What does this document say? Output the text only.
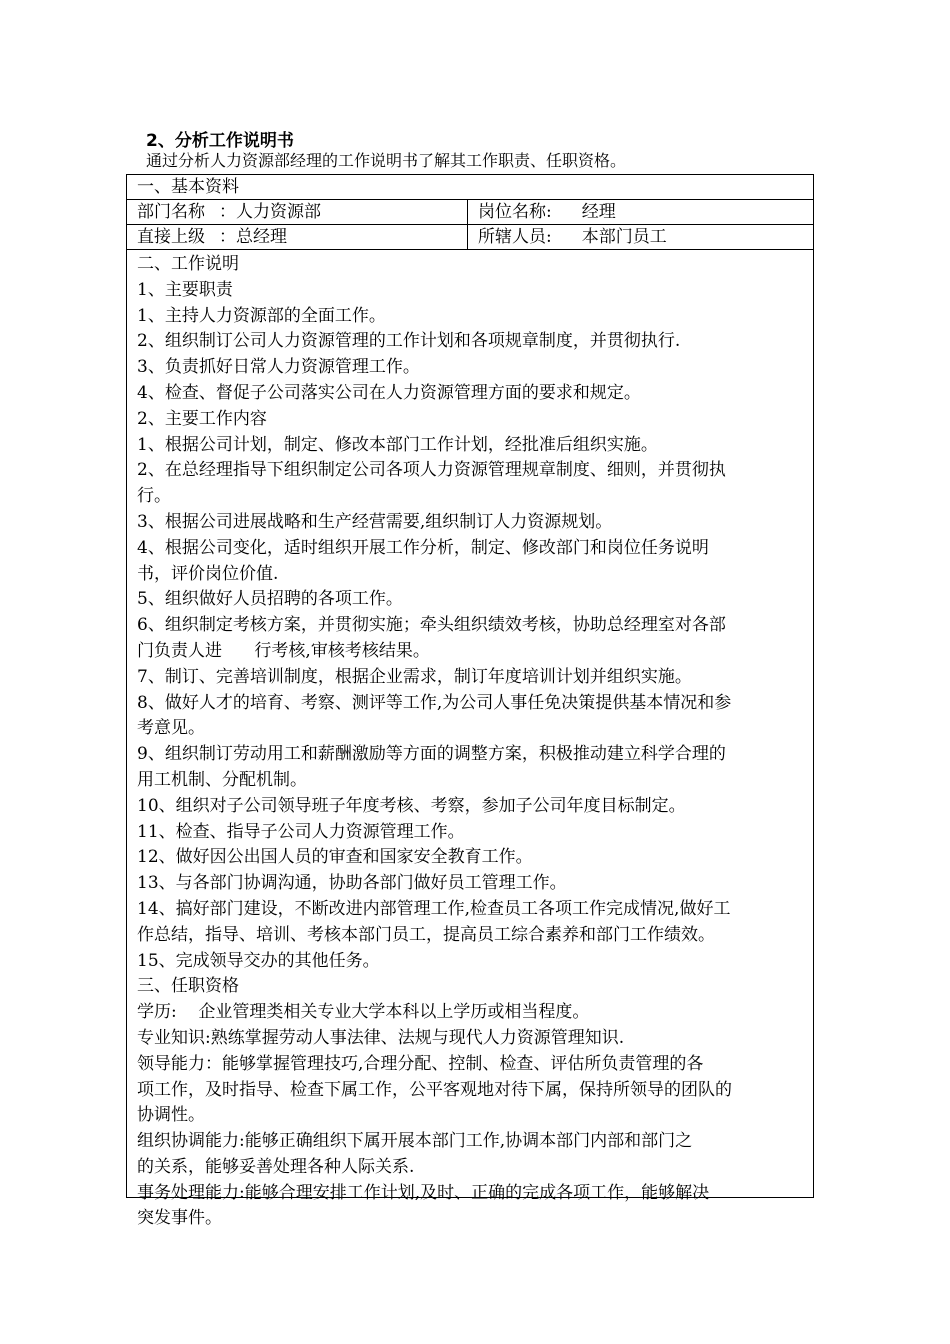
2、分析工作说明书
通过分析人力资源部经理的工作说明书了解其工作职责、任职资格。
一、基本资料
部门名称 ：人力资源部	岗位名称: 经理
直接上级 ：总经理	所辖人员: 本部门员工

二、工作说明

1、主要职责

1、主持人力资源部的全面工作。

2、组织制订公司人力资源管理的工作计划和各项规章制度，并贯彻执行.

3、负责抓好日常人力资源管理工作。

4、检查、督促子公司落实公司在人力资源管理方面的要求和规定。

2、主要工作内容

1、根据公司计划，制定、修改本部门工作计划，经批准后组织实施。

2、在总经理指导下组织制定公司各项人力资源管理规章制度、细则，并贯彻执

行。

3、根据公司进展战略和生产经营需要,组织制订人力资源规划。

4、根据公司变化，适时组织开展工作分析，制定、修改部门和岗位任务说明

书，评价岗位价值.

5、组织做好人员招聘的各项工作。

6、组织制定考核方案，并贯彻实施；牵头组织绩效考核，协助总经理室对各部

门负责人进      行考核,审核考核结果。

7、制订、完善培训制度，根据企业需求，制订年度培训计划并组织实施。

8、做好人才的培育、考察、测评等工作,为公司人事任免决策提供基本情况和参

考意见。

9、组织制订劳动用工和薪酬激励等方面的调整方案，积极推动建立科学合理的

用工机制、分配机制。

10、组织对子公司领导班子年度考核、考察，参加子公司年度目标制定。

11、检查、指导子公司人力资源管理工作。

12、做好因公出国人员的审查和国家安全教育工作。

13、与各部门协调沟通，协助各部门做好员工管理工作。

14、搞好部门建设，不断改进内部管理工作,检查员工各项工作完成情况,做好工

作总结，指导、培训、考核本部门员工，提高员工综合素养和部门工作绩效。

15、完成领导交办的其他任务。

三、任职资格

学历:    企业管理类相关专业大学本科以上学历或相当程度。

专业知识:熟练掌握劳动人事法律、法规与现代人力资源管理知识.

领导能力：能够掌握管理技巧,合理分配、控制、检查、评估所负责管理的各

项工作，及时指导、检查下属工作，公平客观地对待下属，保持所领导的团队的

协调性。

组织协调能力:能够正确组织下属开展本部门工作,协调本部门内部和部门之

的关系，能够妥善处理各种人际关系.

事务处理能力:能够合理安排工作计划,及时、正确的完成各项工作，能够解决

突发事件。
